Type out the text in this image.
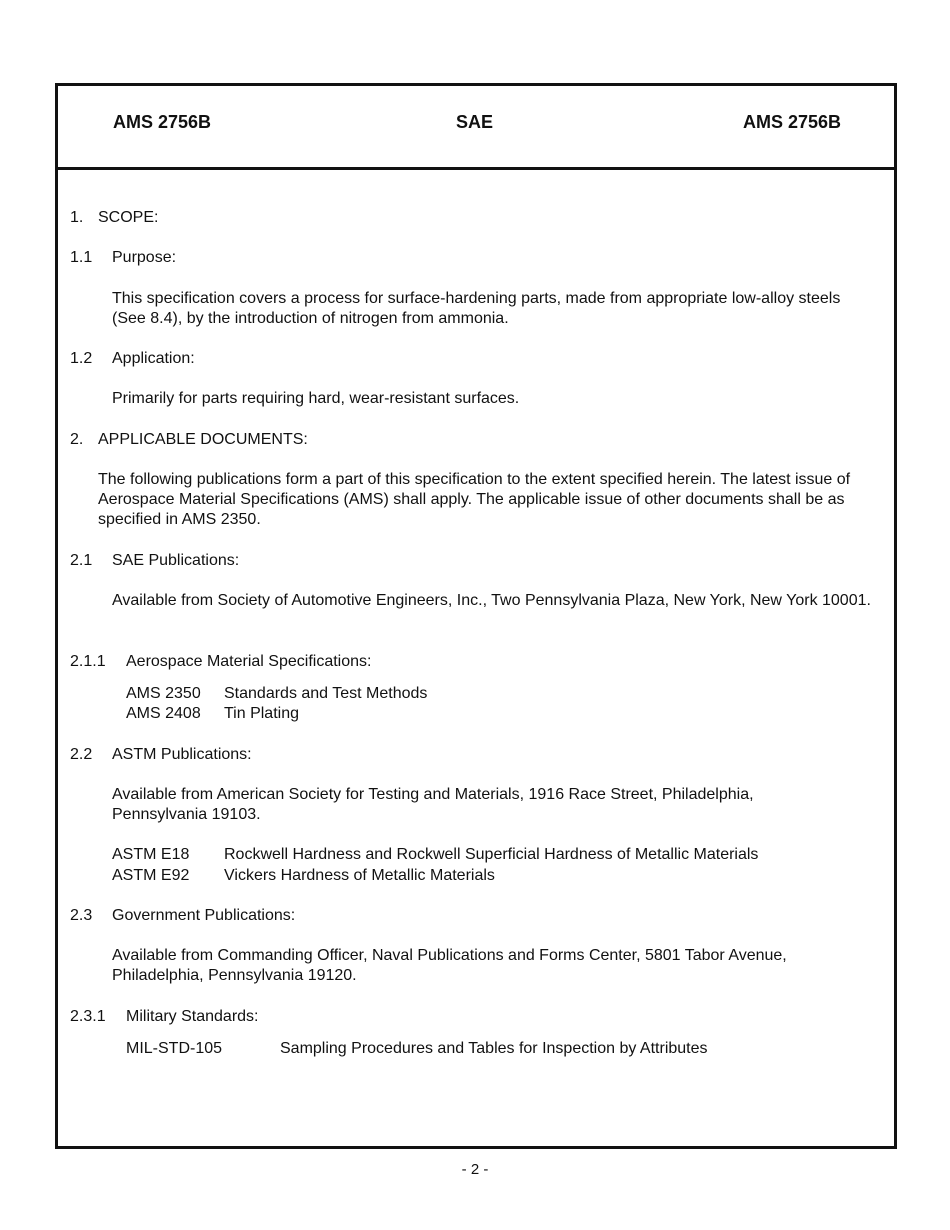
AMS 2756B	SAE	AMS 2756B
1. SCOPE:
1.1 Purpose:
This specification covers a process for surface-hardening parts, made from appropriate low-alloy steels (See 8.4), by the introduction of nitrogen from ammonia.
1.2 Application:
Primarily for parts requiring hard, wear-resistant surfaces.
2. APPLICABLE DOCUMENTS:
The following publications form a part of this specification to the extent specified herein. The latest issue of Aerospace Material Specifications (AMS) shall apply. The applicable issue of other documents shall be as specified in AMS 2350.
2.1 SAE Publications:
Available from Society of Automotive Engineers, Inc., Two Pennsylvania Plaza, New York, New York 10001.
2.1.1 Aerospace Material Specifications:
AMS 2350 Standards and Test Methods
AMS 2408 Tin Plating
2.2 ASTM Publications:
Available from American Society for Testing and Materials, 1916 Race Street, Philadelphia, Pennsylvania 19103.
ASTM E18 Rockwell Hardness and Rockwell Superficial Hardness of Metallic Materials
ASTM E92 Vickers Hardness of Metallic Materials
2.3 Government Publications:
Available from Commanding Officer, Naval Publications and Forms Center, 5801 Tabor Avenue, Philadelphia, Pennsylvania 19120.
2.3.1 Military Standards:
MIL-STD-105	Sampling Procedures and Tables for Inspection by Attributes
- 2 -
